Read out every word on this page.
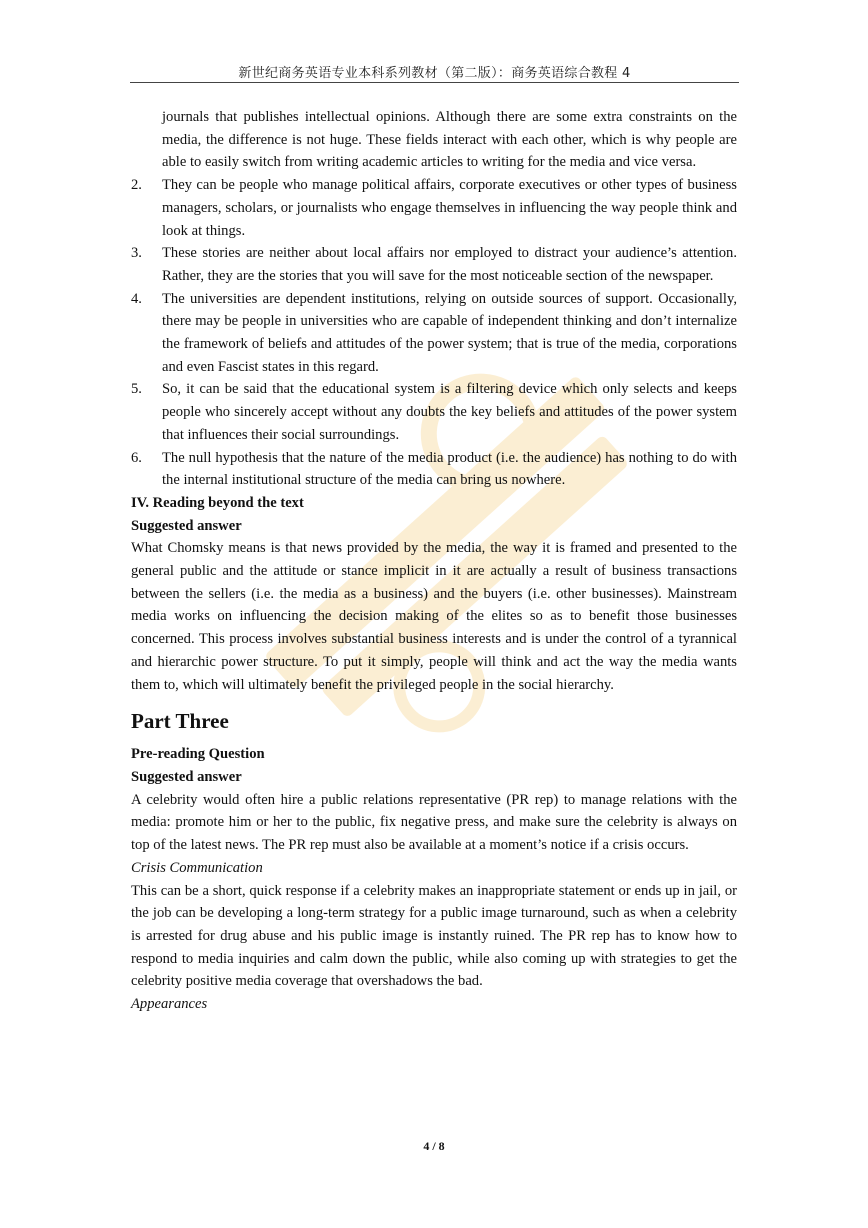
新世纪商务英语专业本科系列教材（第二版）：商务英语综合教程 4

journals that publishes intellectual opinions. Although there are some extra constraints on the media, the difference is not huge. These fields interact with each other, which is why people are able to easily switch from writing academic articles to writing for the media and vice versa.

2. They can be people who manage political affairs, corporate executives or other types of business managers, scholars, or journalists who engage themselves in influencing the way people think and look at things.

3. These stories are neither about local affairs nor employed to distract your audience’s attention. Rather, they are the stories that you will save for the most noticeable section of the newspaper.

4. The universities are dependent institutions, relying on outside sources of support. Occasionally, there may be people in universities who are capable of independent thinking and don’t internalize the framework of beliefs and attitudes of the power system; that is true of the media, corporations and even Fascist states in this regard.

5. So, it can be said that the educational system is a filtering device which only selects and keeps people who sincerely accept without any doubts the key beliefs and attitudes of the power system that influences their social surroundings.

6. The null hypothesis that the nature of the media product (i.e. the audience) has nothing to do with the internal institutional structure of the media can bring us nowhere.

IV. Reading beyond the text

Suggested answer

What Chomsky means is that news provided by the media, the way it is framed and presented to the general public and the attitude or stance implicit in it are actually a result of business transactions between the sellers (i.e. the media as a business) and the buyers (i.e. other businesses). Mainstream media works on influencing the decision making of the elites so as to benefit those businesses concerned. This process involves substantial business interests and is under the control of a tyrannical and hierarchic power structure. To put it simply, people will think and act the way the media wants them to, which will ultimately benefit the privileged people in the social hierarchy.

Part Three

Pre-reading Question

Suggested answer

A celebrity would often hire a public relations representative (PR rep) to manage relations with the media: promote him or her to the public, fix negative press, and make sure the celebrity is always on top of the latest news. The PR rep must also be available at a moment’s notice if a crisis occurs.

Crisis Communication

This can be a short, quick response if a celebrity makes an inappropriate statement or ends up in jail, or the job can be developing a long-term strategy for a public image turnaround, such as when a celebrity is arrested for drug abuse and his public image is instantly ruined. The PR rep has to know how to respond to media inquiries and calm down the public, while also coming up with strategies to get the celebrity positive media coverage that overshadows the bad.

Appearances

4 / 8
